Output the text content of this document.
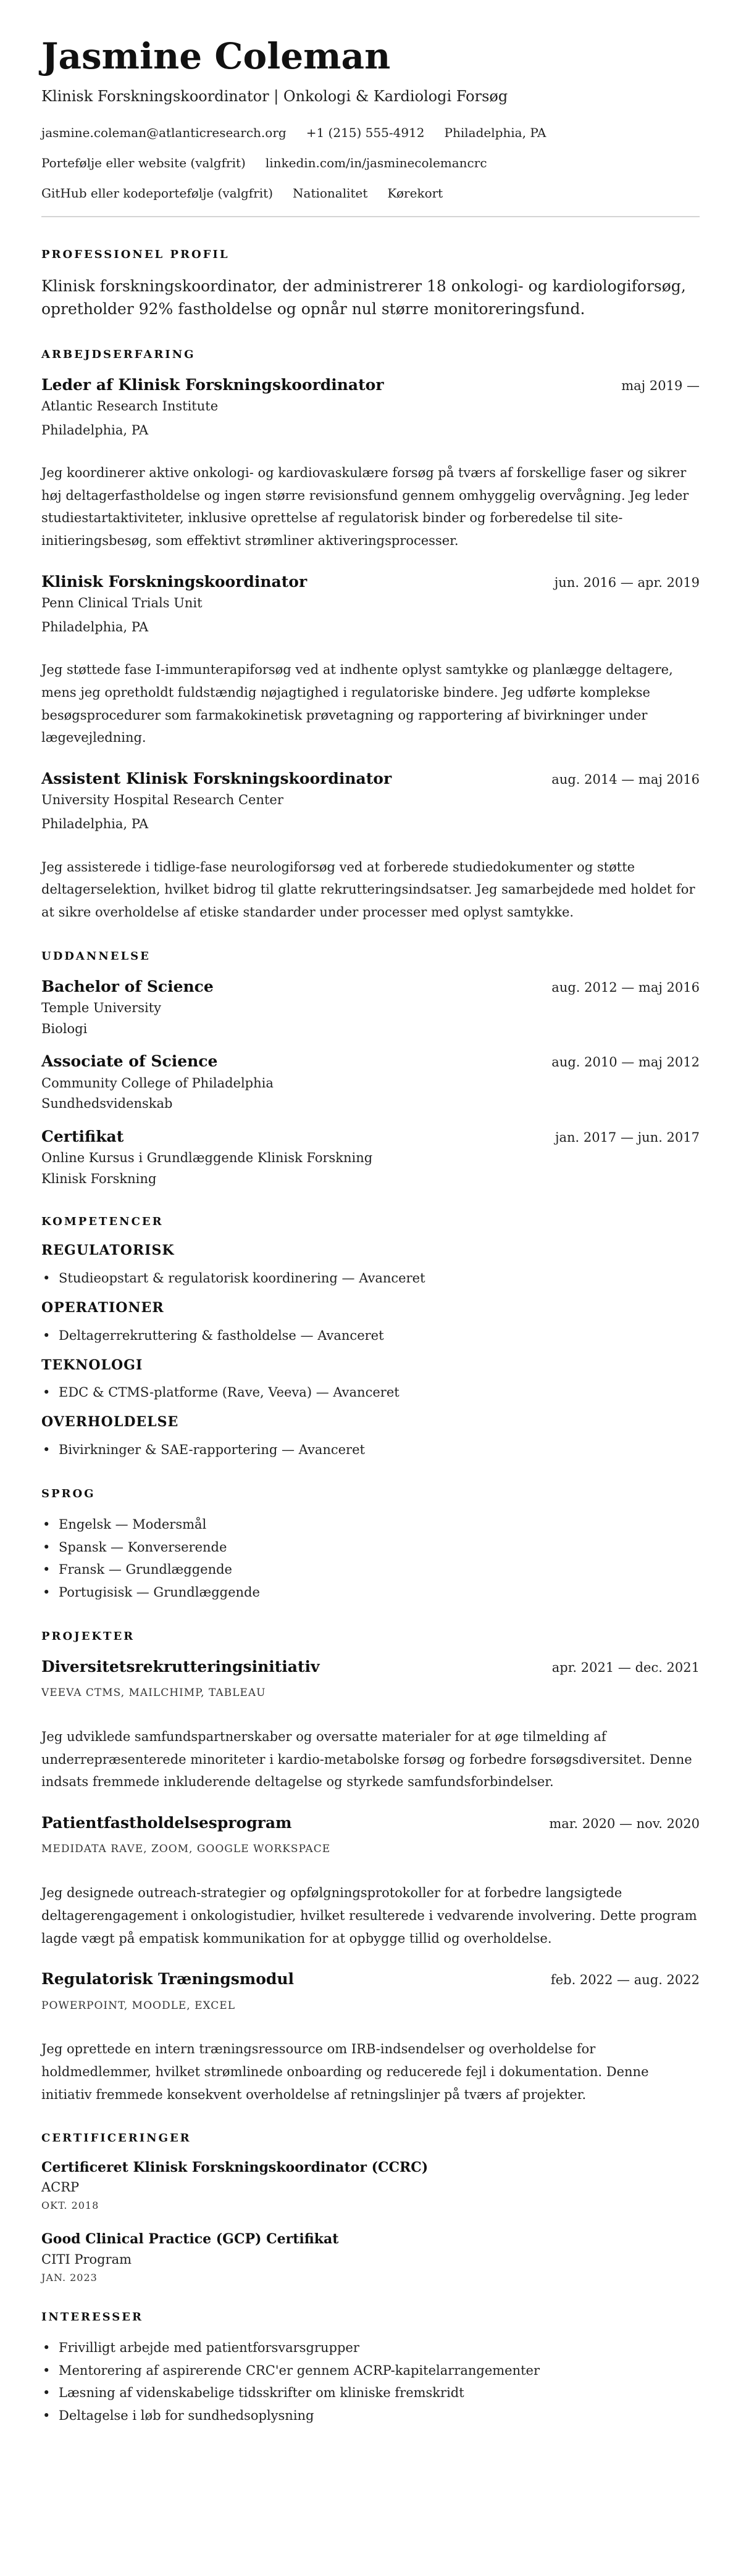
Jasmine Coleman
Klinisk Forskningskoordinator | Onkologi & Kardiologi Forsøg
jasmine.coleman@atlanticresearch.org +1 (215) 555-4912 Philadelphia, PA
Portefølje eller website (valgfrit) linkedin.com/in/jasminecolemancrc
GitHub eller kodeportefølje (valgfrit) Nationalitet Kørekort
PROFESSIONEL PROFIL

Klinisk forskningskoordinator, der administrerer 18 onkologi- og kardiologiforsøg, opretholder 92% fastholdelse og opnår nul større monitoreringsfund.

ARBEJDSERFARING
Leder af Klinisk Forskningskoordinator	maj 2019 —
Atlantic Research Institute
Philadelphia, PA

Jeg koordinerer aktive onkologi- og kardiovaskulære forsøg på tværs af forskellige faser og sikrer høj deltagerfastholdelse og ingen større revisionsfund gennem omhyggelig overvågning. Jeg leder studiestartaktiviteter, inklusive oprettelse af regulatorisk binder og forberedelse til site-initieringsbesøg, som effektivt strømliner aktiveringsprocesser.

Klinisk Forskningskoordinator	jun. 2016 — apr. 2019
Penn Clinical Trials Unit
Philadelphia, PA

Jeg støttede fase I-immunterapiforsøg ved at indhente oplyst samtykke og planlægge deltagere, mens jeg opretholdt fuldstændig nøjagtighed i regulatoriske bindere. Jeg udførte komplekse besøgsprocedurer som farmakokinetisk prøvetagning og rapportering af bivirkninger under lægevejledning.

Assistent Klinisk Forskningskoordinator	aug. 2014 — maj 2016
University Hospital Research Center
Philadelphia, PA

Jeg assisterede i tidlige-fase neurologiforsøg ved at forberede studiedokumenter og støtte deltagerselektion, hvilket bidrog til glatte rekrutteringsindsatser. Jeg samarbejdede med holdet for at sikre overholdelse af etiske standarder under processer med oplyst samtykke.

UDDANNELSE
Bachelor of Science	aug. 2012 — maj 2016
Temple University
Biologi
Associate of Science	aug. 2010 — maj 2012
Community College of Philadelphia
Sundhedsvidenskab
Certifikat	jan. 2017 — jun. 2017
Online Kursus i Grundlæggende Klinisk Forskning
Klinisk Forskning
KOMPETENCER
REGULATORISK
• Studieopstart & regulatorisk koordinering — Avanceret
OPERATIONER
• Deltagerrekruttering & fastholdelse — Avanceret
TEKNOLOGI
• EDC & CTMS-platforme (Rave, Veeva) — Avanceret
OVERHOLDELSE
• Bivirkninger & SAE-rapportering — Avanceret
SPROG
• Engelsk — Modersmål
• Spansk — Konverserende
• Fransk — Grundlæggende
• Portugisisk — Grundlæggende
PROJEKTER
Diversitetsrekrutteringsinitiativ	apr. 2021 — dec. 2021
VEEVA CTMS, MAILCHIMP, TABLEAU

Jeg udviklede samfundspartnerskaber og oversatte materialer for at øge tilmelding af underrepræsenterede minoriteter i kardio-metabolske forsøg og forbedre forsøgsdiversitet. Denne indsats fremmede inkluderende deltagelse og styrkede samfundsforbindelser.

Patientfastholdelsesprogram	mar. 2020 — nov. 2020
MEDIDATA RAVE, ZOOM, GOOGLE WORKSPACE

Jeg designede outreach-strategier og opfølgningsprotokoller for at forbedre langsigtede deltagerengagement i onkologistudier, hvilket resulterede i vedvarende involvering. Dette program lagde vægt på empatisk kommunikation for at opbygge tillid og overholdelse.

Regulatorisk Træningsmodul	feb. 2022 — aug. 2022
POWERPOINT, MOODLE, EXCEL

Jeg oprettede en intern træningsressource om IRB-indsendelser og overholdelse for holdmedlemmer, hvilket strømlinede onboarding og reducerede fejl i dokumentation. Denne initiativ fremmede konsekvent overholdelse af retningslinjer på tværs af projekter.

CERTIFICERINGER
Certificeret Klinisk Forskningskoordinator (CCRC)
ACRP
OKT. 2018
Good Clinical Practice (GCP) Certifikat
CITI Program
JAN. 2023
INTERESSER
• Frivilligt arbejde med patientforsvarsgrupper
• Mentorering af aspirerende CRC'er gennem ACRP-kapitelarrangementer
• Læsning af videnskabelige tidsskrifter om kliniske fremskridt
• Deltagelse i løb for sundhedsoplysning
